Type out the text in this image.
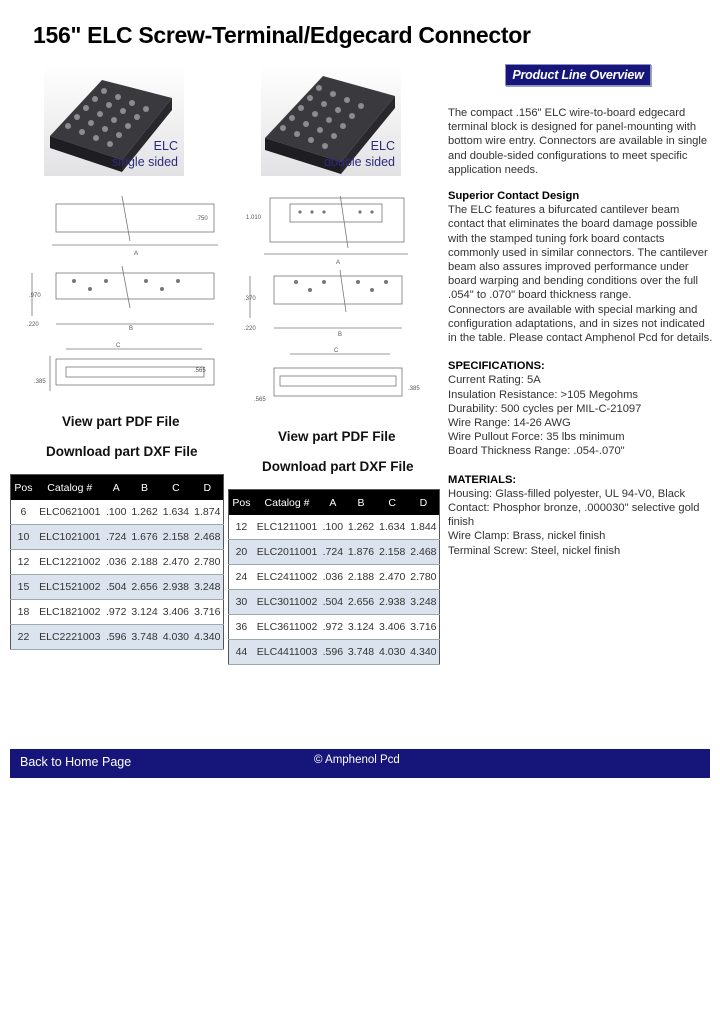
156" ELC Screw-Terminal/Edgecard Connector
Product Line Overview
ELC
single sided
.750
A
.970
B
.220
C
.385
.565
View part PDF File
Download part DXF File
Pos	Catalog #	A	B	C	D
6	ELC0621001	.100	1.262	1.634	1.874
10	ELC1021001	.724	1.676	2.158	2.468
12	ELC1221002	.036	2.188	2.470	2.780
15	ELC1521002	.504	2.656	2.938	3.248
18	ELC1821002	.972	3.124	3.406	3.716
22	ELC2221003	.596	3.748	4.030	4.340
ELC
double sided
1.010
A
.370
B
.220
C
.385
.565
View part PDF File
Download part DXF File
Pos	Catalog #	A	B	C	D
12	ELC1211001	.100	1.262	1.634	1.844
20	ELC2011001	.724	1.876	2.158	2.468
24	ELC2411002	.036	2.188	2.470	2.780
30	ELC3011002	.504	2.656	2.938	3.248
36	ELC3611002	.972	3.124	3.406	3.716
44	ELC4411003	.596	3.748	4.030	4.340

The compact .156" ELC wire-to-board edgecard terminal block is designed for panel-mounting with bottom wire entry. Connectors are available in single and double-sided configurations to meet specific application needs.

Superior Contact Design

The ELC features a bifurcated cantilever beam contact that eliminates the board damage possible with the stamped tuning fork board contacts commonly used in similar connectors. The cantilever beam also assures improved performance under board warping and bending conditions over the full .054" to .070" board thickness range.

Connectors are available with special marking and configuration adaptations, and in sizes not indicated in the table. Please contact Amphenol Pcd for details.

SPECIFICATIONS:

Current Rating: 5A

Insulation Resistance: >105 Megohms

Durability: 500 cycles per MIL-C-21097

Wire Range: 14-26 AWG

Wire Pullout Force: 35 lbs minimum

Board Thickness Range: .054-.070"

MATERIALS:

Housing: Glass-filled polyester, UL 94-V0, Black

Contact: Phosphor bronze, .000030" selective gold finish

Wire Clamp: Brass, nickel finish

Terminal Screw: Steel, nickel finish

Back to Home Page	© Amphenol Pcd
